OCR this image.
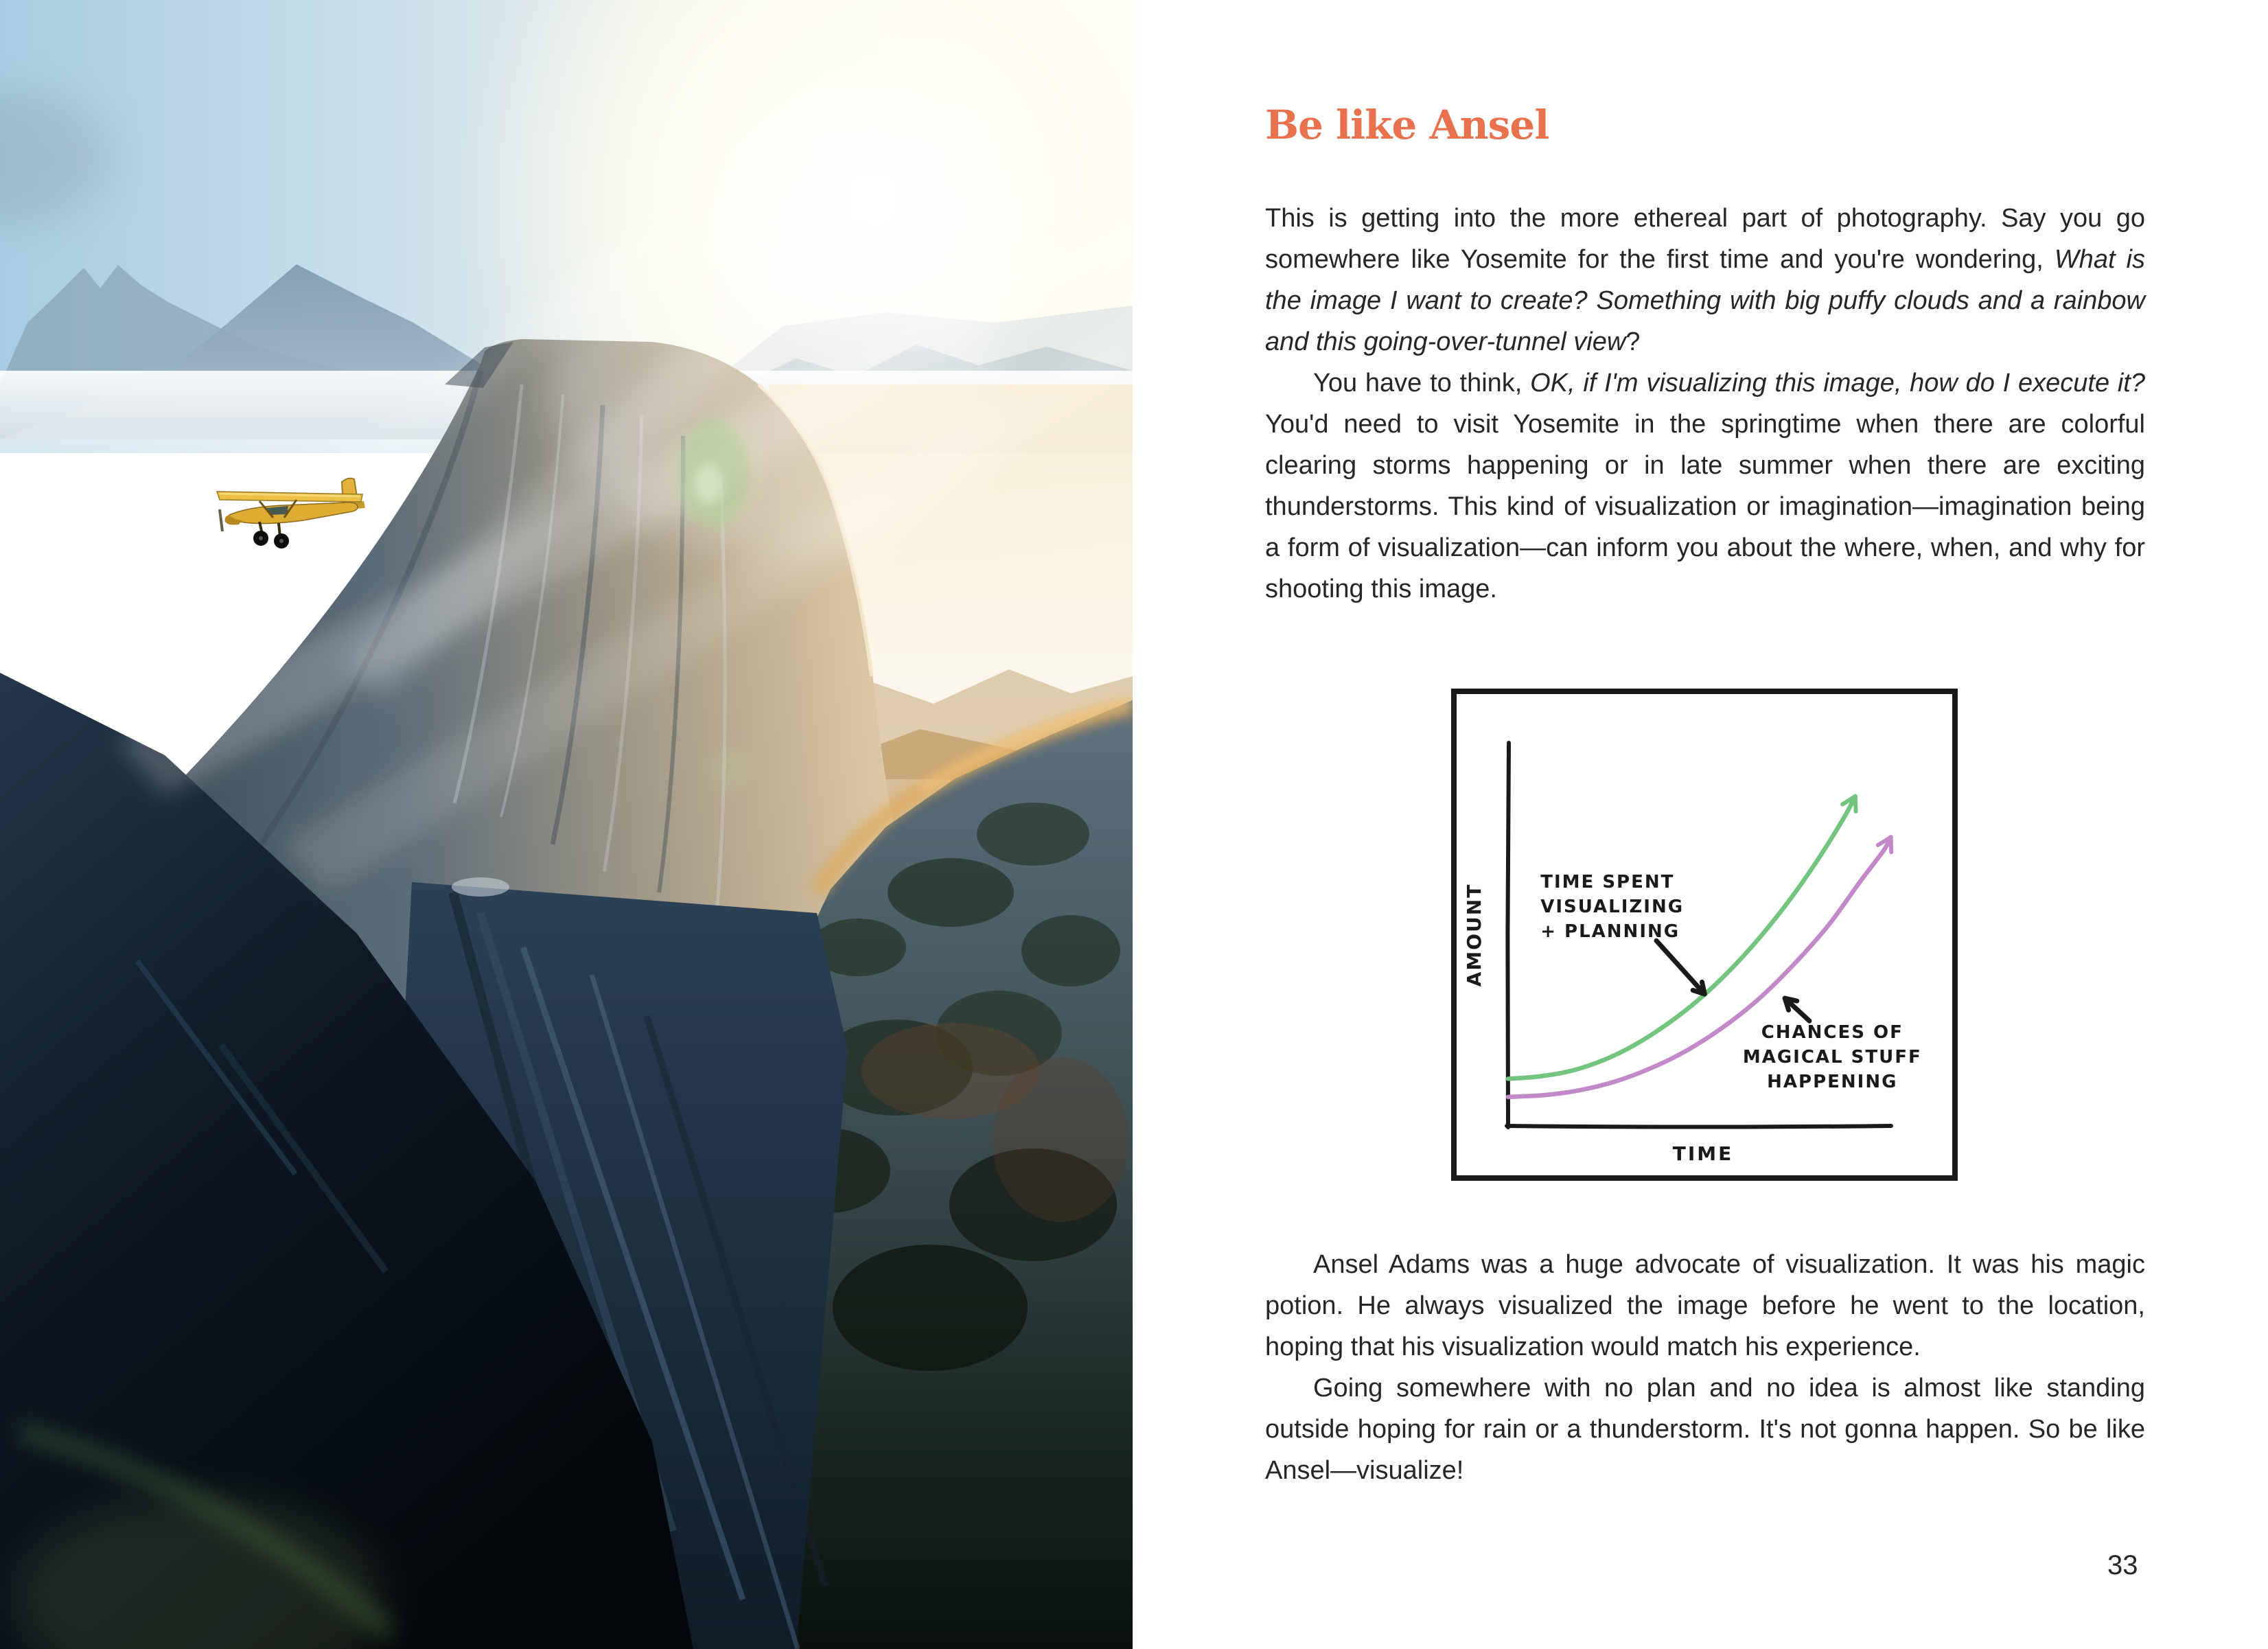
Be like Ansel

This is getting into the more ethereal part of photography. Say you go somewhere like Yosemite for the first time and you're wondering, What is the image I want to create? Something with big puffy clouds and a rainbow and this going-over-tunnel view?

You have to think, OK, if I'm visualizing this image, how do I execute it? You'd need to visit Yosemite in the springtime when there are colorful clearing storms happening or in late summer when there are exciting thunderstorms. This kind of visualization or imagination—imagination being a form of visualization—can inform you about the where, when, and why for shooting this image.

AMOUNT
TIME
TIME SPENT
VISUALIZING
+ PLANNING
CHANCES OF
MAGICAL STUFF
HAPPENING

Ansel Adams was a huge advocate of visualization. It was his magic potion. He always visualized the image before he went to the location, hoping that his visualization would match his experience.

Going somewhere with no plan and no idea is almost like standing outside hoping for rain or a thunderstorm. It's not gonna happen. So be like Ansel—visualize!

33
